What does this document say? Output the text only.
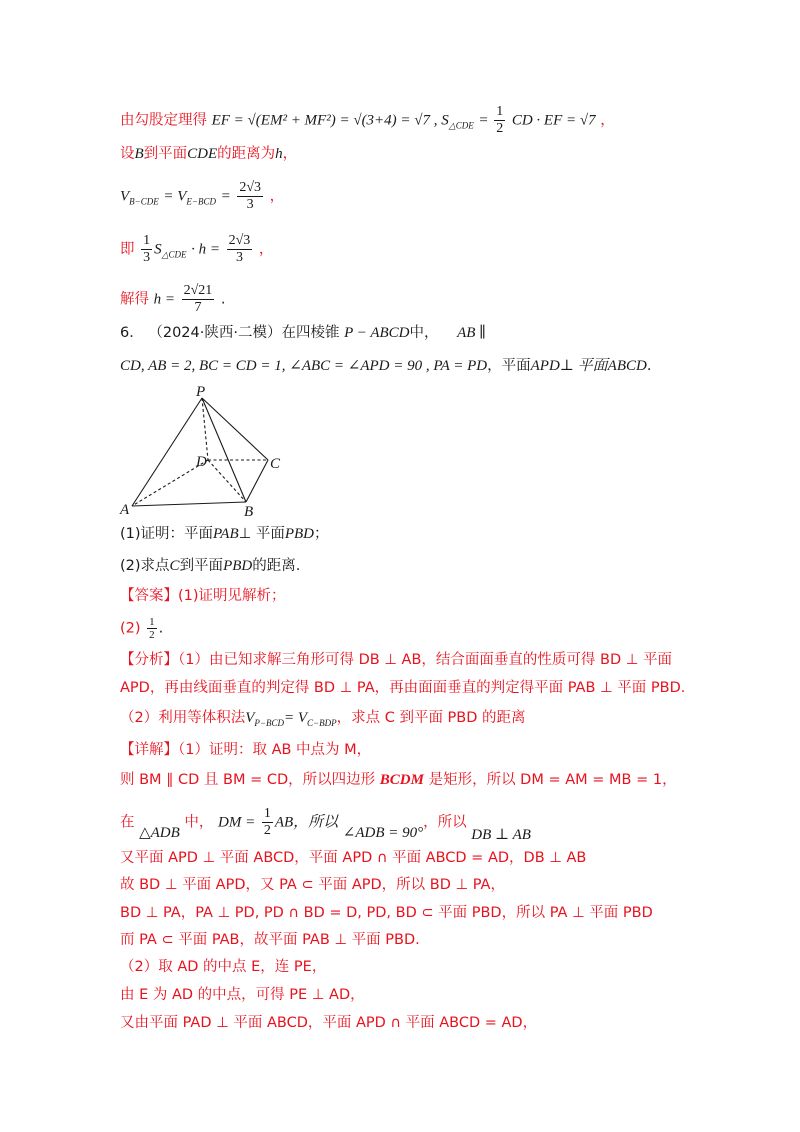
由勾股定理得 EF = √(EM² + MF²) = √(3+4) = √7 , $S_{\triangle CDE} = \frac{1}{2}$ CD · EF = √7 ，
设B到平面CDE的距离为h，
$V_{B-CDE} = V_{E-BCD} = \frac{2√3}{3}$ ，
即 $\frac{1}{3} S_{\triangle CDE} \cdot h = \frac{2√3}{3}$ ，
解得 $h = \frac{2√21}{7}$ .
6． （2024·陕西·二模）在四棱锥 P − ABCD中， AB ∥
CD, AB = 2, BC = CD = 1, ∠ABC = ∠APD = 90 , PA = PD，平面APD⊥ 平面ABCD.
P
D	C
A	B
(1)证明：平面PAB⊥ 平面PBD；
(2)求点C到平面PBD的距离.
【答案】(1)证明见解析；
$(2) \frac{1}{2}$ .
【分析】（1）由已知求解三角形可得 DB ⊥ AB，结合面面垂直的性质可得 BD ⊥ 平面
APD，再由线面垂直的判定得 BD ⊥ PA，再由面面垂直的判定得平面 PAB ⊥ 平面 PBD.
（2）利用等体积法$V_{P-BCD}= V_{C-BDP}$，求点 C 到平面 PBD 的距离
【详解】（1）证明：取 AB 中点为 M，
则 BM ∥ CD 且 BM = CD，所以四边形 BCDM 是矩形，所以 DM = AM = MB = 1，
在 △ADB 中， DM = $\frac{1}{2}$ AB，所以 ∠ADB = 90°，所以 DB ⊥ AB
又平面 APD ⊥ 平面 ABCD，平面 APD ∩ 平面 ABCD = AD，DB ⊥ AB
故 BD ⊥ 平面 APD，又 PA ⊂ 平面 APD，所以 BD ⊥ PA，
BD ⊥ PA，PA ⊥ PD, PD ∩ BD = D, PD, BD ⊂ 平面 PBD，所以 PA ⊥ 平面 PBD
而 PA ⊂ 平面 PAB，故平面 PAB ⊥ 平面 PBD.
（2）取 AD 的中点 E，连 PE，
由 E 为 AD 的中点，可得 PE ⊥ AD，
又由平面 PAD ⊥ 平面 ABCD，平面 APD ∩ 平面 ABCD = AD，
